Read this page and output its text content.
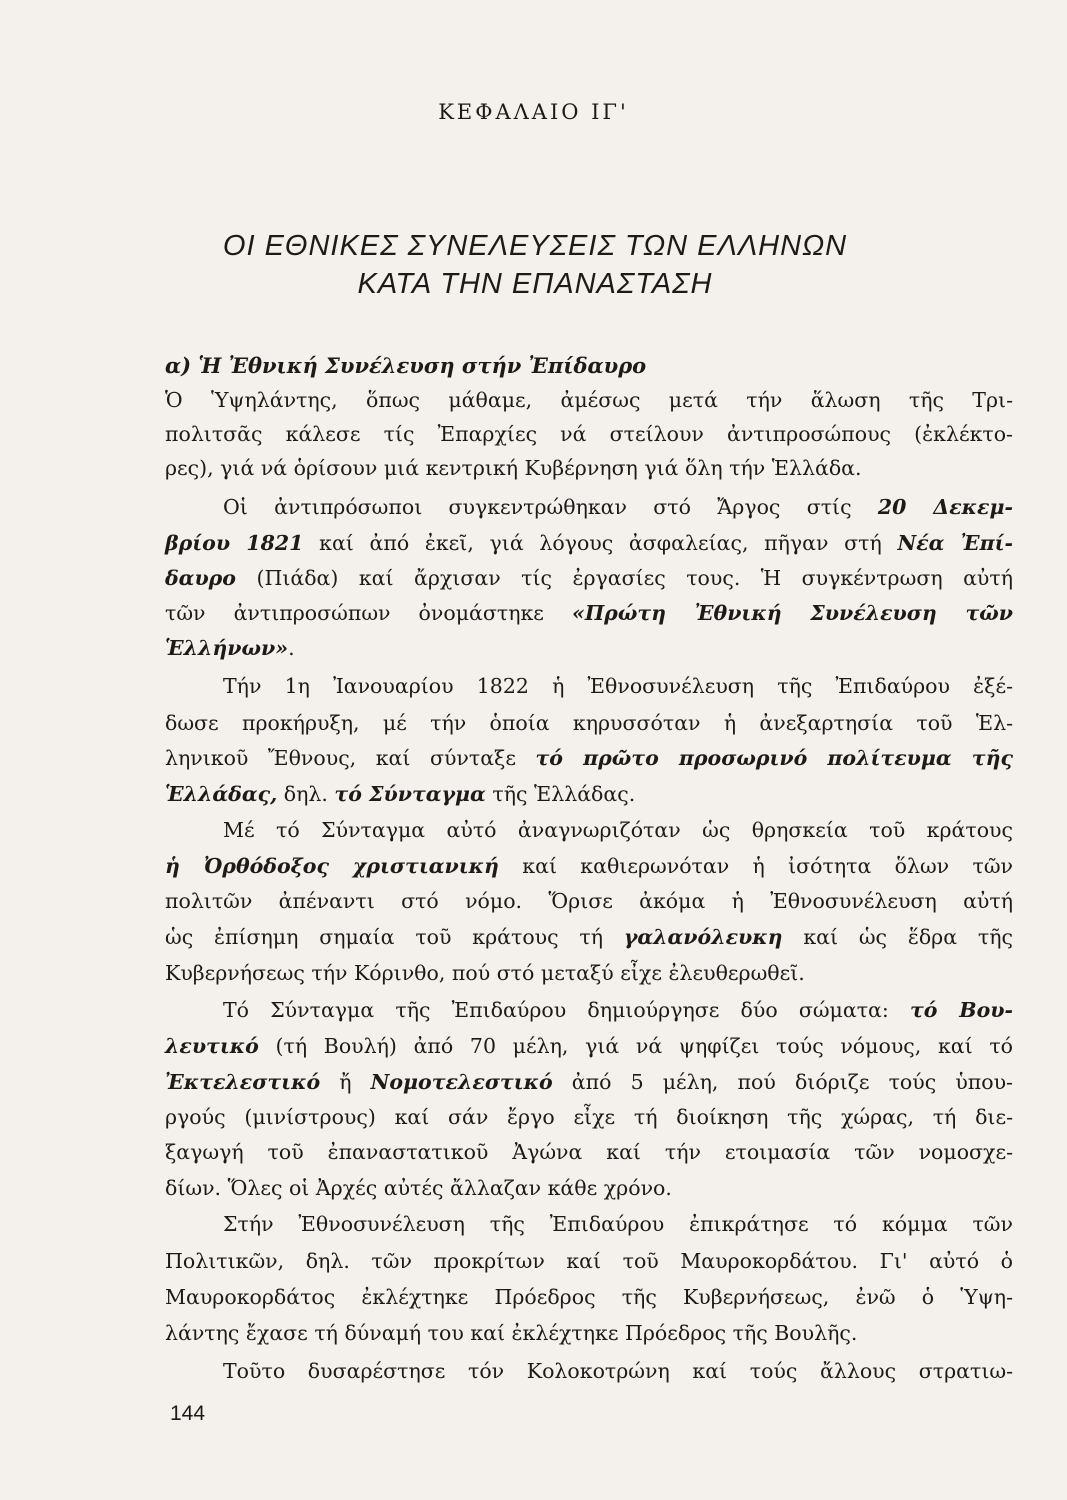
ΚΕΦΑΛΑΙΟ ΙΓ'
ΟΙ ΕΘΝΙΚΕΣ ΣΥΝΕΛΕΥΣΕΙΣ ΤΩΝ ΕΛΛΗΝΩΝ
ΚΑΤΑ ΤΗΝ ΕΠΑΝΑΣΤΑΣΗ
α) Ἡ Ἐθνική Συνέλευση στήν Ἐπίδαυρο
Ὁ Ὑψηλάντης, ὅπως μάθαμε, ἀμέσως μετά τήν ἅλωση τῆς Τρι-
πολιτσᾶς κάλεσε τίς Ἐπαρχίες νά στείλουν ἀντιπροσώπους (ἐκλέκτο-
ρες), γιά νά ὁρίσουν μιά κεντρική Κυβέρνηση γιά ὅλη τήν Ἑλλάδα.
Οἱ ἀντιπρόσωποι συγκεντρώθηκαν στό Ἄργος στίς 20 Δεκεμ-
βρίου 1821 καί ἀπό ἐκεῖ, γιά λόγους ἀσφαλείας, πῆγαν στή Νέα Ἐπί-
δαυρο (Πιάδα) καί ἄρχισαν τίς ἐργασίες τους. Ἡ συγκέντρωση αὐτή
τῶν ἀντιπροσώπων ὀνομάστηκε «Πρώτη Ἐθνική Συνέλευση τῶν
Ἑλλήνων».
Τήν 1η Ἰανουαρίου 1822 ἡ Ἐθνοσυνέλευση τῆς Ἐπιδαύρου ἐξέ-
δωσε προκήρυξη, μέ τήν ὁποία κηρυσσόταν ἡ ἀνεξαρτησία τοῦ Ἑλ-
ληνικοῦ Ἔθνους, καί σύνταξε τό πρῶτο προσωρινό πολίτευμα τῆς
Ἑλλάδας, δηλ. τό Σύνταγμα τῆς Ἑλλάδας.
Μέ τό Σύνταγμα αὐτό ἀναγνωριζόταν ὡς θρησκεία τοῦ κράτους
ἡ Ὀρθόδοξος χριστιανική καί καθιερωνόταν ἡ ἰσότητα ὅλων τῶν
πολιτῶν ἀπέναντι στό νόμο. Ὅρισε ἀκόμα ἡ Ἐθνοσυνέλευση αὐτή
ὡς ἐπίσημη σημαία τοῦ κράτους τή γαλανόλευκη καί ὡς ἕδρα τῆς
Κυβερνήσεως τήν Κόρινθο, πού στό μεταξύ εἶχε ἐλευθερωθεῖ.
Τό Σύνταγμα τῆς Ἐπιδαύρου δημιούργησε δύο σώματα: τό Βου-
λευτικό (τή Βουλή) ἀπό 70 μέλη, γιά νά ψηφίζει τούς νόμους, καί τό
Ἐκτελεστικό ἤ Νομοτελεστικό ἀπό 5 μέλη, πού διόριζε τούς ὑπου-
ργούς (μινίστρους) καί σάν ἔργο εἶχε τή διοίκηση τῆς χώρας, τή διε-
ξαγωγή τοῦ ἐπαναστατικοῦ Ἀγώνα καί τήν ετοιμασία τῶν νομοσχε-
δίων. Ὅλες οἱ Ἀρχές αὐτές ἄλλαζαν κάθε χρόνο.
Στήν Ἐθνοσυνέλευση τῆς Ἐπιδαύρου ἐπικράτησε τό κόμμα τῶν
Πολιτικῶν, δηλ. τῶν προκρίτων καί τοῦ Μαυροκορδάτου. Γι' αὐτό ὁ
Μαυροκορδάτος ἐκλέχτηκε Πρόεδρος τῆς Κυβερνήσεως, ἐνῶ ὁ Ὑψη-
λάντης ἔχασε τή δύναμή του καί ἐκλέχτηκε Πρόεδρος τῆς Βουλῆς.
Τοῦτο δυσαρέστησε τόν Κολοκοτρώνη καί τούς ἄλλους στρατιω-
144
